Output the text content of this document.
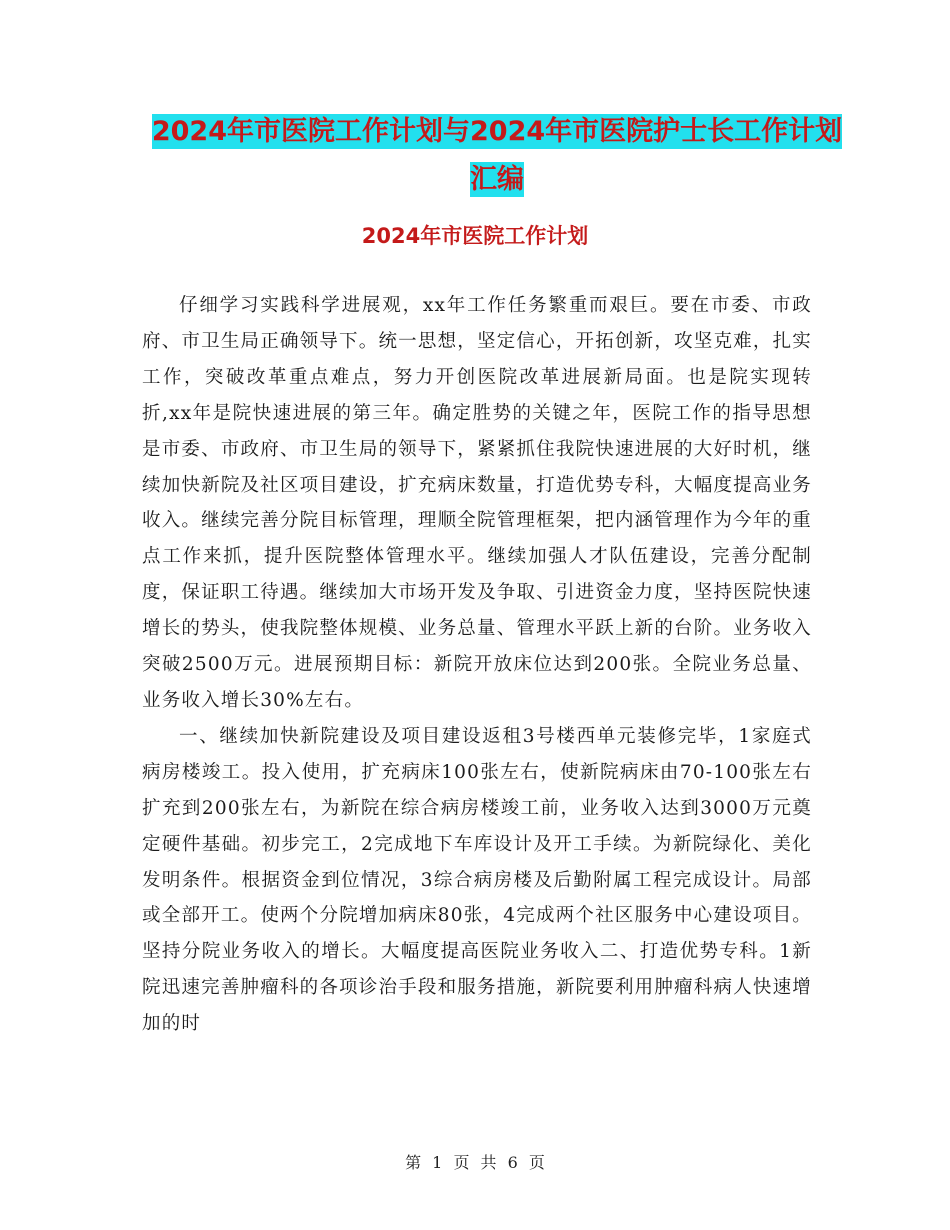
2024年市医院工作计划与2024年市医院护士长工作计划汇编
2024年市医院工作计划

仔细学习实践科学进展观，xx年工作任务繁重而艰巨。要在市委、市政府、市卫生局正确领导下。统一思想，坚定信心，开拓创新，攻坚克难，扎实工作，突破改革重点难点，努力开创医院改革进展新局面。也是院实现转折,xx年是院快速进展的第三年。确定胜势的关键之年，医院工作的指导思想是市委、市政府、市卫生局的领导下，紧紧抓住我院快速进展的大好时机，继续加快新院及社区项目建设，扩充病床数量，打造优势专科，大幅度提高业务收入。继续完善分院目标管理，理顺全院管理框架，把内涵管理作为今年的重点工作来抓，提升医院整体管理水平。继续加强人才队伍建设，完善分配制度，保证职工待遇。继续加大市场开发及争取、引进资金力度，坚持医院快速增长的势头，使我院整体规模、业务总量、管理水平跃上新的台阶。业务收入突破2500万元。进展预期目标：新院开放床位达到200张。全院业务总量、业务收入增长30%左右。

一、继续加快新院建设及项目建设返租3号楼西单元装修完毕，1家庭式病房楼竣工。投入使用，扩充病床100张左右，使新院病床由70-100张左右扩充到200张左右，为新院在综合病房楼竣工前，业务收入达到3000万元奠定硬件基础。初步完工，2完成地下车库设计及开工手续。为新院绿化、美化发明条件。根据资金到位情况，3综合病房楼及后勤附属工程完成设计。局部或全部开工。使两个分院增加病床80张，4完成两个社区服务中心建设项目。坚持分院业务收入的增长。大幅度提高医院业务收入二、打造优势专科。1新院迅速完善肿瘤科的各项诊治手段和服务措施，新院要利用肿瘤科病人快速增加的时

第 1 页 共 6 页
